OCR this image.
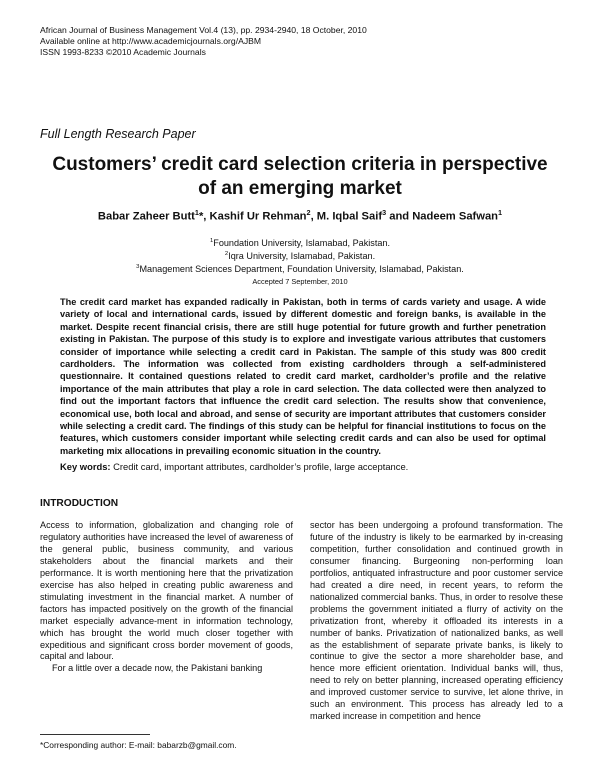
African Journal of Business Management Vol.4 (13), pp. 2934-2940, 18 October, 2010
Available online at http://www.academicjournals.org/AJBM
ISSN 1993-8233 ©2010 Academic Journals
Full Length Research Paper
Customers’ credit card selection criteria in perspective
of an emerging market
Babar Zaheer Butt$^1$*, Kashif Ur Rehman$^2$, M. Iqbal Saif$^3$ and Nadeem Safwan$^1$
$^1$Foundation University, Islamabad, Pakistan.
$^2$Iqra University, Islamabad, Pakistan.
$^3$Management Sciences Department, Foundation University, Islamabad, Pakistan.
Accepted 7 September, 2010
The credit card market has expanded radically in Pakistan, both in terms of cards variety and usage. A wide variety of local and international cards, issued by different domestic and foreign banks, is available in the market. Despite recent financial crisis, there are still huge potential for future growth and further penetration existing in Pakistan. The purpose of this study is to explore and investigate various attributes that customers consider of importance while selecting a credit card in Pakistan. The sample of this study was 800 credit cardholders. The information was collected from existing cardholders through a self-administered questionnaire. It contained questions related to credit card market, cardholder’s profile and the relative importance of the main attributes that play a role in card selection. The data collected were then analyzed to find out the important factors that influence the credit card selection. The results show that convenience, economical use, both local and abroad, and sense of security are important attributes that customers consider while selecting a credit card. The findings of this study can be helpful for financial institutions to focus on the features, which customers consider important while selecting credit cards and can also be used for optimal marketing mix allocations in prevailing economic situation in the country.
Key words: Credit card, important attributes, cardholder’s profile, large acceptance.
INTRODUCTION

Access to information, globalization and changing role of regulatory authorities have increased the level of awareness of the general public, business community, and various stakeholders about the financial markets and their performance. It is worth mentioning here that the privatization exercise has also helped in creating public awareness and stimulating investment in the financial market. A number of factors has impacted positively on the growth of the financial market especially advance-ment in information technology, which has brought the world much closer together with expeditious and significant cross border movement of goods, capital and labour.

For a little over a decade now, the Pakistani banking

sector has been undergoing a profound transformation. The future of the industry is likely to be earmarked by in-creasing competition, further consolidation and continued growth in consumer financing. Burgeoning non-performing loan portfolios, antiquated infrastructure and poor customer service had created a dire need, in recent years, to reform the nationalized commercial banks. Thus, in order to resolve these problems the government initiated a flurry of activity on the privatization front, whereby it offloaded its interests in a number of banks. Privatization of nationalized banks, as well as the establishment of separate private banks, is likely to continue to give the sector a more shareholder base, and hence more efficient orientation. Individual banks will, thus, need to rely on better planning, increased operating efficiency and improved customer service to survive, let alone thrive, in such an environment. This process has already led to a marked increase in competition and hence

*Corresponding author: E-mail: babarzb@gmail.com.
